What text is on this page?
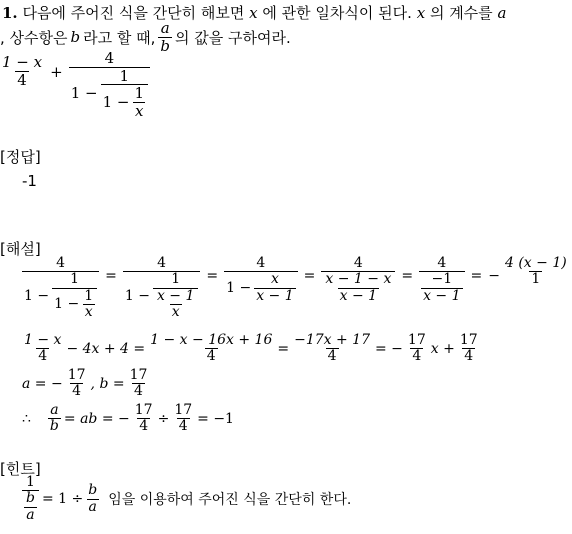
1. 다음에 주어진 식을 간단히 해보면 x 에 관한 일차식이 된다. x 의 계수를 a
, 상수항은 b 라고 할 때, $\frac{a}{b}$ 의 값을 구하여라.
$\frac{1 - x}{4}$ +
4
$1 - \frac{1}{1 - \frac{1}{x}}$
[정답]
-1
[해설]
4
$1 - \frac{1}{1 - \frac{1}{x}}$ =
4
$1 - \frac{1}{\frac{x - 1}{x}} = \frac{4}{1 - \frac{x}{x - 1}} = \frac{4}{\frac{x - 1 - x}{x - 1}} = \frac{4}{\frac{-1}{x - 1}}$ = − $\frac{4 (x - 1)}{1}$
$\frac{1 - x}{4} - 4x + 4 = \frac{1 - x - 16x + 16}{4} = \frac{-17x + 17}{4}$ = − $\frac{17}{4}$ $x + \frac{17}{4}$
a = − $\frac{17}{4}$ , $b = \frac{17}{4}$
∴ $\frac{a}{b}$ = ab = − $\frac{17}{4} \div \frac{17}{4} = -1$
[힌트]
$\frac{1}{\frac{b}{a}} = 1 \div \frac{b}{a}$ 임을 이용하여 주어진 식을 간단히 한다.
